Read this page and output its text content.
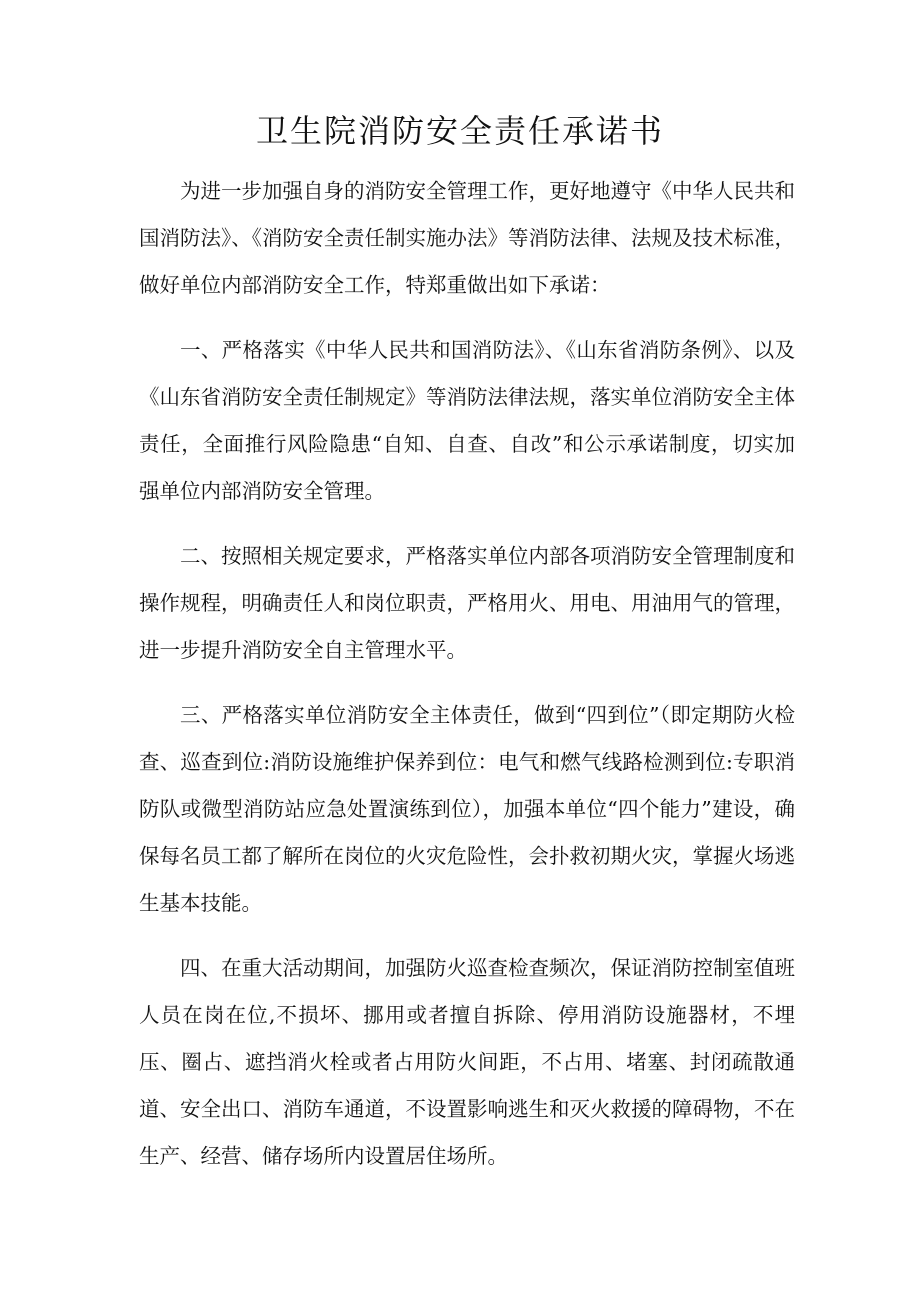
卫生院消防安全责任承诺书

为进一步加强自身的消防安全管理工作，更好地遵守《中华人民共和国消防法》、《消防安全责任制实施办法》等消防法律、法规及技术标准，做好单位内部消防安全工作，特郑重做出如下承诺：

一、严格落实《中华人民共和国消防法》、《山东省消防条例》、以及《山东省消防安全责任制规定》等消防法律法规，落实单位消防安全主体责任，全面推行风险隐患“自知、自查、自改”和公示承诺制度，切实加强单位内部消防安全管理。

二、按照相关规定要求，严格落实单位内部各项消防安全管理制度和操作规程，明确责任人和岗位职责，严格用火、用电、用油用气的管理，进一步提升消防安全自主管理水平。

三、严格落实单位消防安全主体责任，做到“四到位”（即定期防火检查、巡查到位:消防设施维护保养到位：电气和燃气线路检测到位:专职消防队或微型消防站应急处置演练到位），加强本单位“四个能力”建设，确保每名员工都了解所在岗位的火灾危险性，会扑救初期火灾，掌握火场逃生基本技能。

四、在重大活动期间，加强防火巡查检查频次，保证消防控制室值班人员在岗在位,不损坏、挪用或者擅自拆除、停用消防设施器材，不埋压、圈占、遮挡消火栓或者占用防火间距，不占用、堵塞、封闭疏散通道、安全出口、消防车通道，不设置影响逃生和灭火救援的障碍物，不在生产、经营、储存场所内设置居住场所。
